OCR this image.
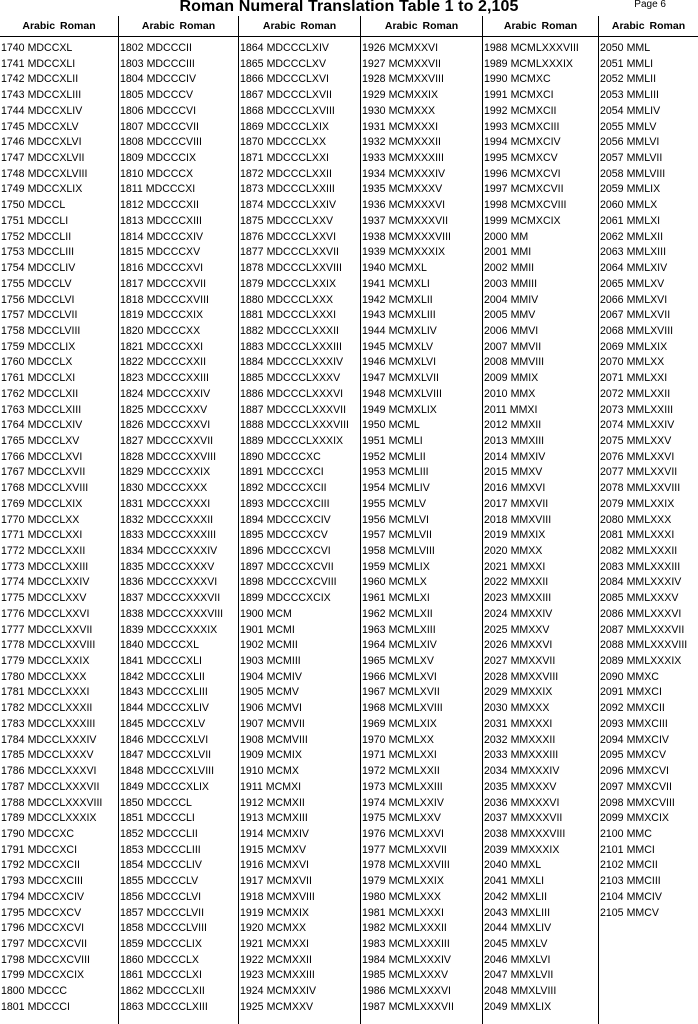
Roman Numeral Translation Table 1 to 2,105	Page 6
Arabic Roman
1740 MDCCXL
1741 MDCCXLI
1742 MDCCXLII
1743 MDCCXLIII
1744 MDCCXLIV
1745 MDCCXLV
1746 MDCCXLVI
1747 MDCCXLVII
1748 MDCCXLVIII
1749 MDCCXLIX
1750 MDCCL
1751 MDCCLI
1752 MDCCLII
1753 MDCCLIII
1754 MDCCLIV
1755 MDCCLV
1756 MDCCLVI
1757 MDCCLVII
1758 MDCCLVIII
1759 MDCCLIX
1760 MDCCLX
1761 MDCCLXI
1762 MDCCLXII
1763 MDCCLXIII
1764 MDCCLXIV
1765 MDCCLXV
1766 MDCCLXVI
1767 MDCCLXVII
1768 MDCCLXVIII
1769 MDCCLXIX
1770 MDCCLXX
1771 MDCCLXXI
1772 MDCCLXXII
1773 MDCCLXXIII
1774 MDCCLXXIV
1775 MDCCLXXV
1776 MDCCLXXVI
1777 MDCCLXXVII
1778 MDCCLXXVIII
1779 MDCCLXXIX
1780 MDCCLXXX
1781 MDCCLXXXI
1782 MDCCLXXXII
1783 MDCCLXXXIII
1784 MDCCLXXXIV
1785 MDCCLXXXV
1786 MDCCLXXXVI
1787 MDCCLXXXVII
1788 MDCCLXXXVIII
1789 MDCCLXXXIX
1790 MDCCXC
1791 MDCCXCI
1792 MDCCXCII
1793 MDCCXCIII
1794 MDCCXCIV
1795 MDCCXCV
1796 MDCCXCVI
1797 MDCCXCVII
1798 MDCCXCVIII
1799 MDCCXCIX
1800 MDCCC
1801 MDCCCI
Arabic Roman
1802 MDCCCII
1803 MDCCCIII
1804 MDCCCIV
1805 MDCCCV
1806 MDCCCVI
1807 MDCCCVII
1808 MDCCCVIII
1809 MDCCCIX
1810 MDCCCX
1811 MDCCCXI
1812 MDCCCXII
1813 MDCCCXIII
1814 MDCCCXIV
1815 MDCCCXV
1816 MDCCCXVI
1817 MDCCCXVII
1818 MDCCCXVIII
1819 MDCCCXIX
1820 MDCCCXX
1821 MDCCCXXI
1822 MDCCCXXII
1823 MDCCCXXIII
1824 MDCCCXXIV
1825 MDCCCXXV
1826 MDCCCXXVI
1827 MDCCCXXVII
1828 MDCCCXXVIII
1829 MDCCCXXIX
1830 MDCCCXXX
1831 MDCCCXXXI
1832 MDCCCXXXII
1833 MDCCCXXXIII
1834 MDCCCXXXIV
1835 MDCCCXXXV
1836 MDCCCXXXVI
1837 MDCCCXXXVII
1838 MDCCCXXXVIII
1839 MDCCCXXXIX
1840 MDCCCXL
1841 MDCCCXLI
1842 MDCCCXLII
1843 MDCCCXLIII
1844 MDCCCXLIV
1845 MDCCCXLV
1846 MDCCCXLVI
1847 MDCCCXLVII
1848 MDCCCXLVIII
1849 MDCCCXLIX
1850 MDCCCL
1851 MDCCCLI
1852 MDCCCLII
1853 MDCCCLIII
1854 MDCCCLIV
1855 MDCCCLV
1856 MDCCCLVI
1857 MDCCCLVII
1858 MDCCCLVIII
1859 MDCCCLIX
1860 MDCCCLX
1861 MDCCCLXI
1862 MDCCCLXII
1863 MDCCCLXIII
Arabic Roman
1864 MDCCCLXIV
1865 MDCCCLXV
1866 MDCCCLXVI
1867 MDCCCLXVII
1868 MDCCCLXVIII
1869 MDCCCLXIX
1870 MDCCCLXX
1871 MDCCCLXXI
1872 MDCCCLXXII
1873 MDCCCLXXIII
1874 MDCCCLXXIV
1875 MDCCCLXXV
1876 MDCCCLXXVI
1877 MDCCCLXXVII
1878 MDCCCLXXVIII
1879 MDCCCLXXIX
1880 MDCCCLXXX
1881 MDCCCLXXXI
1882 MDCCCLXXXII
1883 MDCCCLXXXIII
1884 MDCCCLXXXIV
1885 MDCCCLXXXV
1886 MDCCCLXXXVI
1887 MDCCCLXXXVII
1888 MDCCCLXXXVIII
1889 MDCCCLXXXIX
1890 MDCCCXC
1891 MDCCCXCI
1892 MDCCCXCII
1893 MDCCCXCIII
1894 MDCCCXCIV
1895 MDCCCXCV
1896 MDCCCXCVI
1897 MDCCCXCVII
1898 MDCCCXCVIII
1899 MDCCCXCIX
1900 MCM
1901 MCMI
1902 MCMII
1903 MCMIII
1904 MCMIV
1905 MCMV
1906 MCMVI
1907 MCMVII
1908 MCMVIII
1909 MCMIX
1910 MCMX
1911 MCMXI
1912 MCMXII
1913 MCMXIII
1914 MCMXIV
1915 MCMXV
1916 MCMXVI
1917 MCMXVII
1918 MCMXVIII
1919 MCMXIX
1920 MCMXX
1921 MCMXXI
1922 MCMXXII
1923 MCMXXIII
1924 MCMXXIV
1925 MCMXXV
Arabic Roman
1926 MCMXXVI
1927 MCMXXVII
1928 MCMXXVIII
1929 MCMXXIX
1930 MCMXXX
1931 MCMXXXI
1932 MCMXXXII
1933 MCMXXXIII
1934 MCMXXXIV
1935 MCMXXXV
1936 MCMXXXVI
1937 MCMXXXVII
1938 MCMXXXVIII
1939 MCMXXXIX
1940 MCMXL
1941 MCMXLI
1942 MCMXLII
1943 MCMXLIII
1944 MCMXLIV
1945 MCMXLV
1946 MCMXLVI
1947 MCMXLVII
1948 MCMXLVIII
1949 MCMXLIX
1950 MCML
1951 MCMLI
1952 MCMLII
1953 MCMLIII
1954 MCMLIV
1955 MCMLV
1956 MCMLVI
1957 MCMLVII
1958 MCMLVIII
1959 MCMLIX
1960 MCMLX
1961 MCMLXI
1962 MCMLXII
1963 MCMLXIII
1964 MCMLXIV
1965 MCMLXV
1966 MCMLXVI
1967 MCMLXVII
1968 MCMLXVIII
1969 MCMLXIX
1970 MCMLXX
1971 MCMLXXI
1972 MCMLXXII
1973 MCMLXXIII
1974 MCMLXXIV
1975 MCMLXXV
1976 MCMLXXVI
1977 MCMLXXVII
1978 MCMLXXVIII
1979 MCMLXXIX
1980 MCMLXXX
1981 MCMLXXXI
1982 MCMLXXXII
1983 MCMLXXXIII
1984 MCMLXXXIV
1985 MCMLXXXV
1986 MCMLXXXVI
1987 MCMLXXXVII
Arabic Roman
1988 MCMLXXXVIII
1989 MCMLXXXIX
1990 MCMXC
1991 MCMXCI
1992 MCMXCII
1993 MCMXCIII
1994 MCMXCIV
1995 MCMXCV
1996 MCMXCVI
1997 MCMXCVII
1998 MCMXCVIII
1999 MCMXCIX
2000 MM
2001 MMI
2002 MMII
2003 MMIII
2004 MMIV
2005 MMV
2006 MMVI
2007 MMVII
2008 MMVIII
2009 MMIX
2010 MMX
2011 MMXI
2012 MMXII
2013 MMXIII
2014 MMXIV
2015 MMXV
2016 MMXVI
2017 MMXVII
2018 MMXVIII
2019 MMXIX
2020 MMXX
2021 MMXXI
2022 MMXXII
2023 MMXXIII
2024 MMXXIV
2025 MMXXV
2026 MMXXVI
2027 MMXXVII
2028 MMXXVIII
2029 MMXXIX
2030 MMXXX
2031 MMXXXI
2032 MMXXXII
2033 MMXXXIII
2034 MMXXXIV
2035 MMXXXV
2036 MMXXXVI
2037 MMXXXVII
2038 MMXXXVIII
2039 MMXXXIX
2040 MMXL
2041 MMXLI
2042 MMXLII
2043 MMXLIII
2044 MMXLIV
2045 MMXLV
2046 MMXLVI
2047 MMXLVII
2048 MMXLVIII
2049 MMXLIX
Arabic Roman
2050 MML
2051 MMLI
2052 MMLII
2053 MMLIII
2054 MMLIV
2055 MMLV
2056 MMLVI
2057 MMLVII
2058 MMLVIII
2059 MMLIX
2060 MMLX
2061 MMLXI
2062 MMLXII
2063 MMLXIII
2064 MMLXIV
2065 MMLXV
2066 MMLXVI
2067 MMLXVII
2068 MMLXVIII
2069 MMLXIX
2070 MMLXX
2071 MMLXXI
2072 MMLXXII
2073 MMLXXIII
2074 MMLXXIV
2075 MMLXXV
2076 MMLXXVI
2077 MMLXXVII
2078 MMLXXVIII
2079 MMLXXIX
2080 MMLXXX
2081 MMLXXXI
2082 MMLXXXII
2083 MMLXXXIII
2084 MMLXXXIV
2085 MMLXXXV
2086 MMLXXXVI
2087 MMLXXXVII
2088 MMLXXXVIII
2089 MMLXXXIX
2090 MMXC
2091 MMXCI
2092 MMXCII
2093 MMXCIII
2094 MMXCIV
2095 MMXCV
2096 MMXCVI
2097 MMXCVII
2098 MMXCVIII
2099 MMXCIX
2100 MMC
2101 MMCI
2102 MMCII
2103 MMCIII
2104 MMCIV
2105 MMCV
